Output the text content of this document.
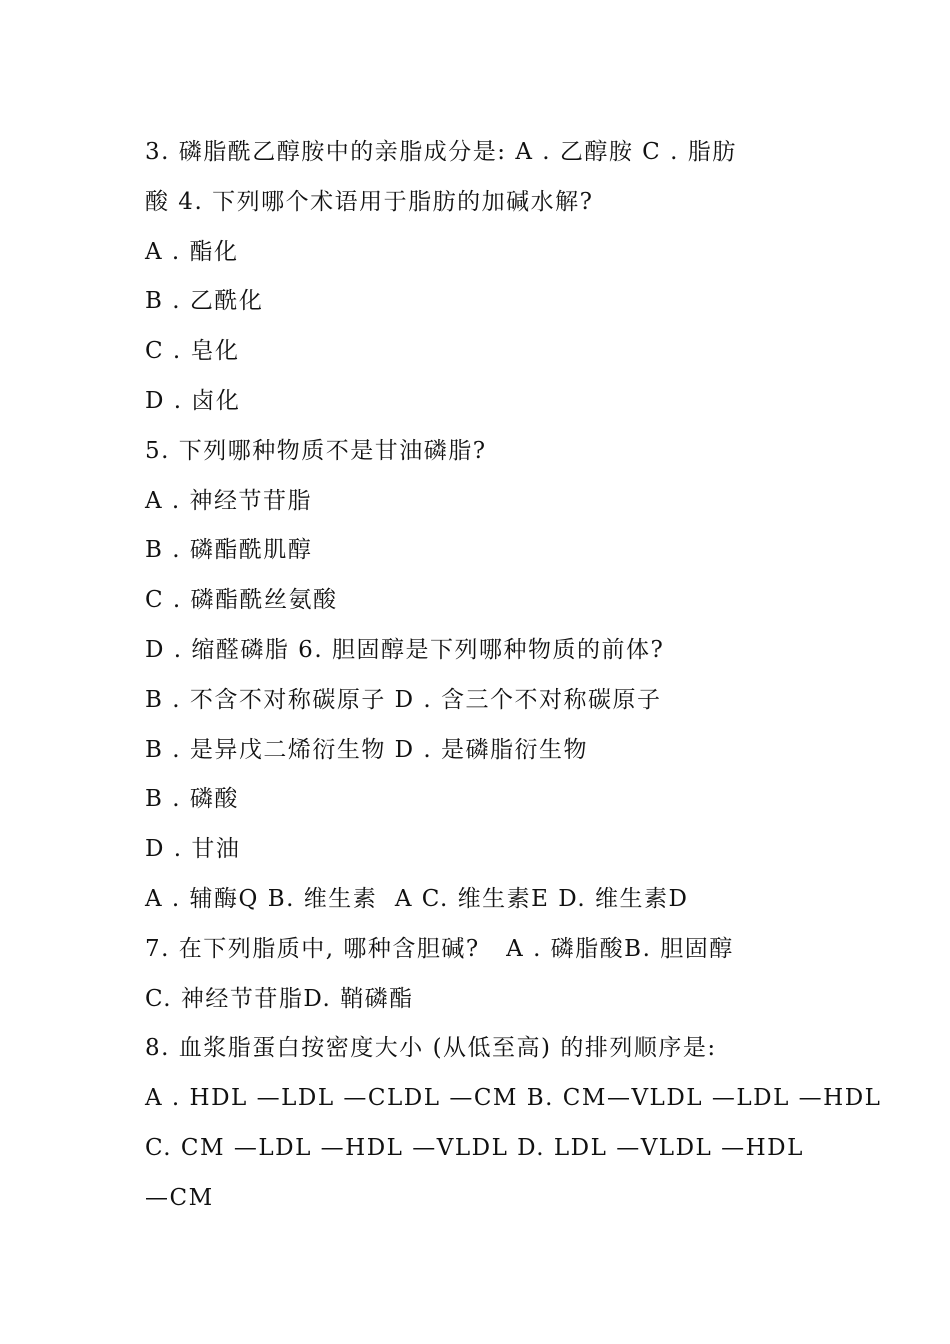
3. 磷脂酰乙醇胺中的亲脂成分是: A . 乙醇胺 C . 脂肪
酸 4. 下列哪个术语用于脂肪的加碱水解?
A . 酯化
B . 乙酰化
C . 皂化
D . 卤化
5. 下列哪种物质不是甘油磷脂?
A . 神经节苷脂
B . 磷酯酰肌醇
C . 磷酯酰丝氨酸
D . 缩醛磷脂 6. 胆固醇是下列哪种物质的前体?
B . 不含不对称碳原子 D . 含三个不对称碳原子
B . 是异戊二烯衍生物 D . 是磷脂衍生物
B . 磷酸
D . 甘油
A . 辅酶Q B. 维生素  A C. 维生素E D. 维生素D
7. 在下列脂质中, 哪种含胆碱?   A . 磷脂酸B. 胆固醇
C. 神经节苷脂D. 鞘磷酯
8. 血浆脂蛋白按密度大小 (从低至高) 的排列顺序是:
A . HDL —LDL —CLDL —CM B. CM—VLDL —LDL —HDL
C. CM —LDL —HDL —VLDL D. LDL —VLDL —HDL
—CM
